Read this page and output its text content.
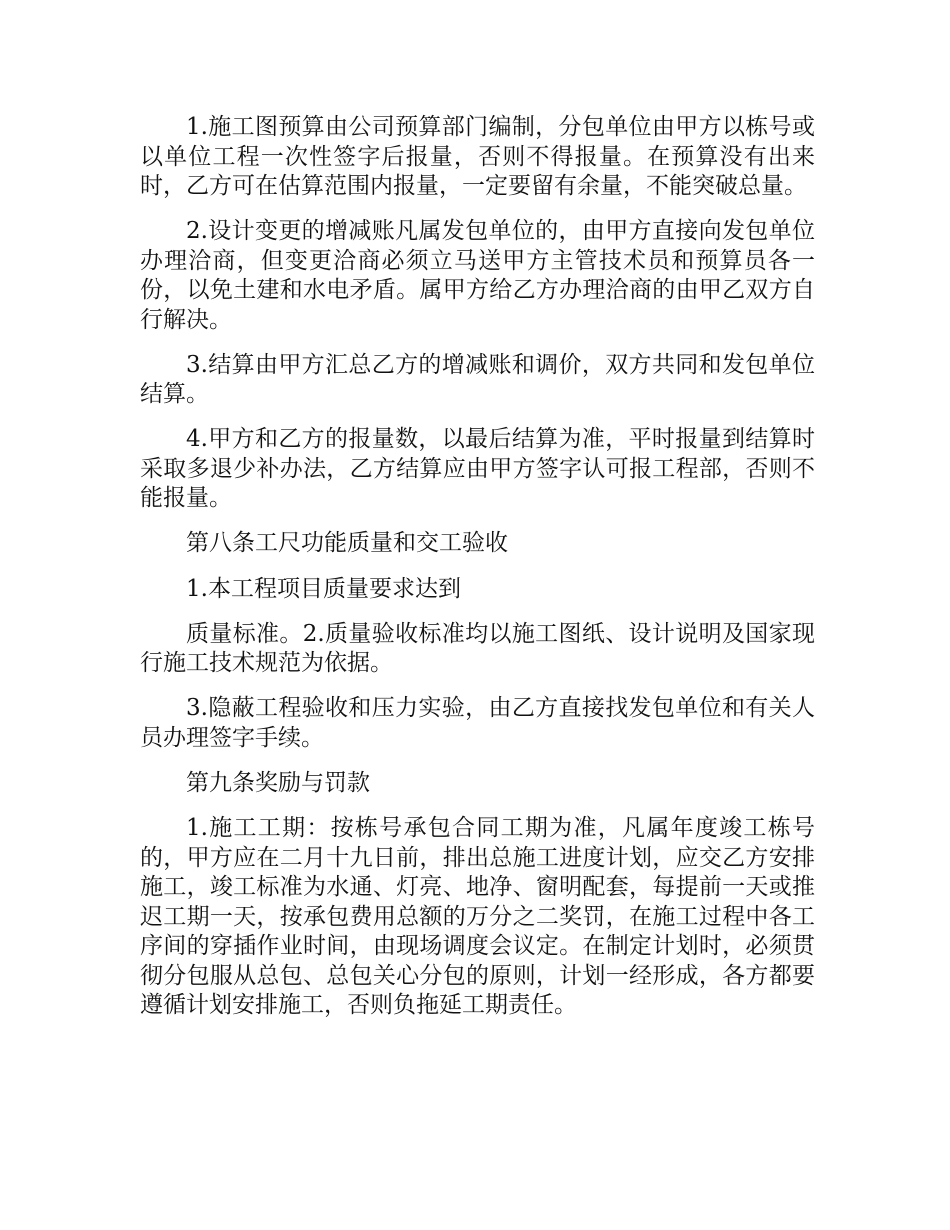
1.施工图预算由公司预算部门编制，分包单位由甲方以栋号或以单位工程一次性签字后报量，否则不得报量。在预算没有出来时，乙方可在估算范围内报量，一定要留有余量，不能突破总量。

2.设计变更的增减账凡属发包单位的，由甲方直接向发包单位办理洽商，但变更洽商必须立马送甲方主管技术员和预算员各一份，以免土建和水电矛盾。属甲方给乙方办理洽商的由甲乙双方自行解决。

3.结算由甲方汇总乙方的增减账和调价，双方共同和发包单位结算。

4.甲方和乙方的报量数，以最后结算为准，平时报量到结算时采取多退少补办法，乙方结算应由甲方签字认可报工程部，否则不能报量。

第八条工尺功能质量和交工验收

1.本工程项目质量要求达到

质量标准。2.质量验收标准均以施工图纸、设计说明及国家现行施工技术规范为依据。

3.隐蔽工程验收和压力实验，由乙方直接找发包单位和有关人员办理签字手续。

第九条奖励与罚款

1.施工工期：按栋号承包合同工期为准，凡属年度竣工栋号的，甲方应在二月十九日前，排出总施工进度计划，应交乙方安排施工，竣工标准为水通、灯亮、地净、窗明配套，每提前一天或推迟工期一天，按承包费用总额的万分之二奖罚，在施工过程中各工序间的穿插作业时间，由现场调度会议定。在制定计划时，必须贯彻分包服从总包、总包关心分包的原则，计划一经形成，各方都要遵循计划安排施工，否则负拖延工期责任。
